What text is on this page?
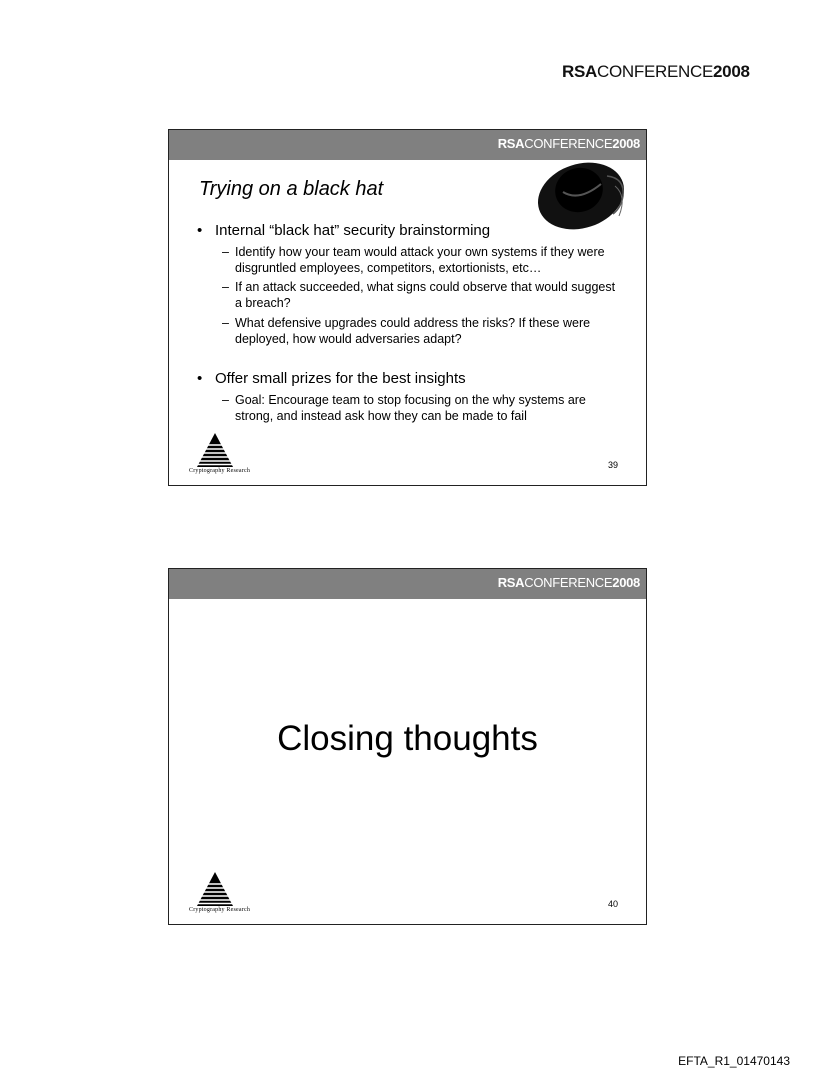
RSACONFERENCE2008
RSACONFERENCE2008
Trying on a black hat
• Internal “black hat” security brainstorming
– Identify how your team would attack your own systems if they were disgruntled employees, competitors, extortionists, etc…
– If an attack succeeded, what signs could observe that would suggest a breach?
– What defensive upgrades could address the risks? If these were deployed, how would adversaries adapt?
• Offer small prizes for the best insights
– Goal: Encourage team to stop focusing on the why systems are strong, and instead ask how they can be made to fail
Cryptography Research
39
RSACONFERENCE2008
Closing thoughts
Cryptography Research
40
EFTA_R1_01470143
